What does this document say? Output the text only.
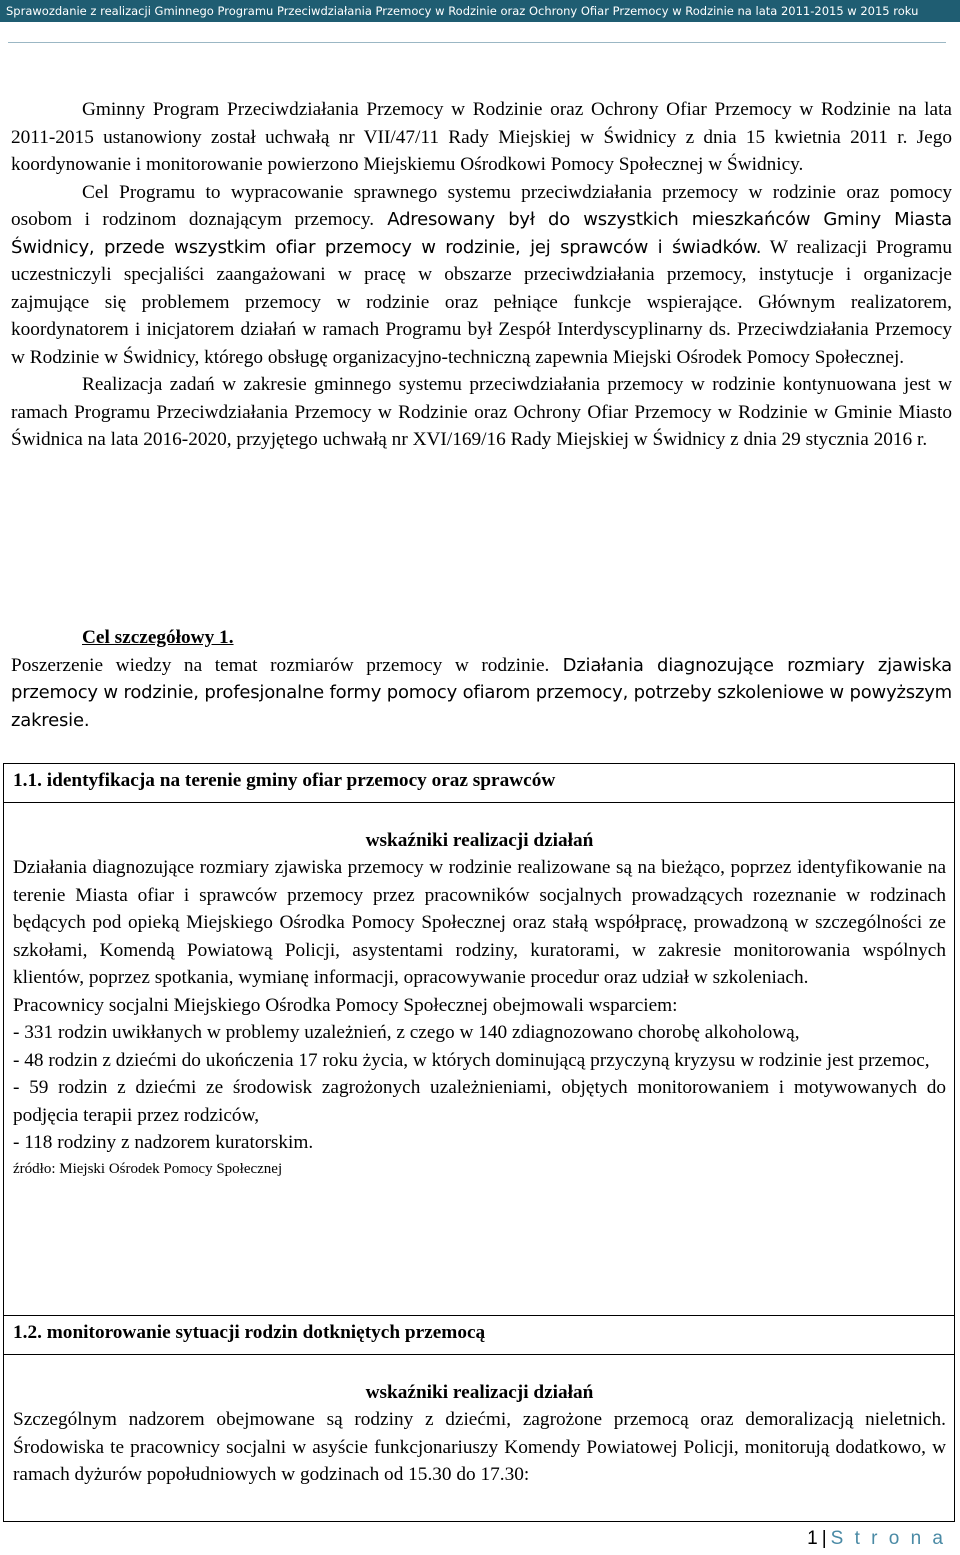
Sprawozdanie z realizacji Gminnego Programu Przeciwdziałania Przemocy w Rodzinie oraz Ochrony Ofiar Przemocy w Rodzinie na lata 2011-2015 w 2015 roku
Gminny Program Przeciwdziałania Przemocy w Rodzinie oraz Ochrony Ofiar Przemocy w Rodzinie na lata 2011-2015 ustanowiony został uchwałą nr VII/47/11 Rady Miejskiej w Świdnicy z dnia 15 kwietnia 2011 r. Jego koordynowanie i monitorowanie powierzono Miejskiemu Ośrodkowi Pomocy Społecznej w Świdnicy.
Cel Programu to wypracowanie sprawnego systemu przeciwdziałania przemocy w rodzinie oraz pomocy osobom i rodzinom doznającym przemocy. Adresowany był do wszystkich mieszkańców Gminy Miasta Świdnicy, przede wszystkim ofiar przemocy w rodzinie, jej sprawców i świadków. W realizacji Programu uczestniczyli specjaliści zaangażowani w pracę w obszarze przeciwdziałania przemocy, instytucje i organizacje zajmujące się problemem przemocy w rodzinie oraz pełniące funkcje wspierające. Głównym realizatorem, koordynatorem i inicjatorem działań w ramach Programu był Zespół Interdyscyplinarny ds. Przeciwdziałania Przemocy w Rodzinie w Świdnicy, którego obsługę organizacyjno-techniczną zapewnia Miejski Ośrodek Pomocy Społecznej.
Realizacja zadań w zakresie gminnego systemu przeciwdziałania przemocy w rodzinie kontynuowana jest w ramach Programu Przeciwdziałania Przemocy w Rodzinie oraz Ochrony Ofiar Przemocy w Rodzinie w Gminie Miasto Świdnica na lata 2016-2020, przyjętego uchwałą nr XVI/169/16 Rady Miejskiej w Świdnicy z dnia 29 stycznia 2016 r.
Cel szczegółowy 1.
Poszerzenie wiedzy na temat rozmiarów przemocy w rodzinie. Działania diagnozujące rozmiary zjawiska przemocy w rodzinie, profesjonalne formy pomocy ofiarom przemocy, potrzeby szkoleniowe w powyższym zakresie.
1.1. identyfikacja na terenie gminy ofiar przemocy oraz sprawców
wskaźniki realizacji działań
Działania diagnozujące rozmiary zjawiska przemocy w rodzinie realizowane są na bieżąco, poprzez identyfikowanie na terenie Miasta ofiar i sprawców przemocy przez pracowników socjalnych prowadzących rozeznanie w rodzinach będących pod opieką Miejskiego Ośrodka Pomocy Społecznej oraz stałą współpracę, prowadzoną w szczególności ze szkołami, Komendą Powiatową Policji, asystentami rodziny, kuratorami, w zakresie monitorowania wspólnych klientów, poprzez spotkania, wymianę informacji, opracowywanie procedur oraz udział w szkoleniach.
Pracownicy socjalni Miejskiego Ośrodka Pomocy Społecznej obejmowali wsparciem:
- 331 rodzin uwikłanych w problemy uzależnień, z czego w 140 zdiagnozowano chorobę alkoholową,
- 48 rodzin z dziećmi do ukończenia 17 roku życia, w których dominującą przyczyną kryzysu w rodzinie jest przemoc,
- 59 rodzin z dziećmi ze środowisk zagrożonych uzależnieniami, objętych monitorowaniem i motywowanych do podjęcia terapii przez rodziców,
- 118 rodziny z nadzorem kuratorskim.
źródło: Miejski Ośrodek Pomocy Społecznej
1.2. monitorowanie sytuacji rodzin dotkniętych przemocą
wskaźniki realizacji działań
Szczególnym nadzorem obejmowane są rodziny z dziećmi, zagrożone przemocą oraz demoralizacją nieletnich. Środowiska te pracownicy socjalni w asyście funkcjonariuszy Komendy Powiatowej Policji, monitorują dodatkowo, w ramach dyżurów popołudniowych w godzinach od 15.30 do 17.30:
1 | S t r o n a
